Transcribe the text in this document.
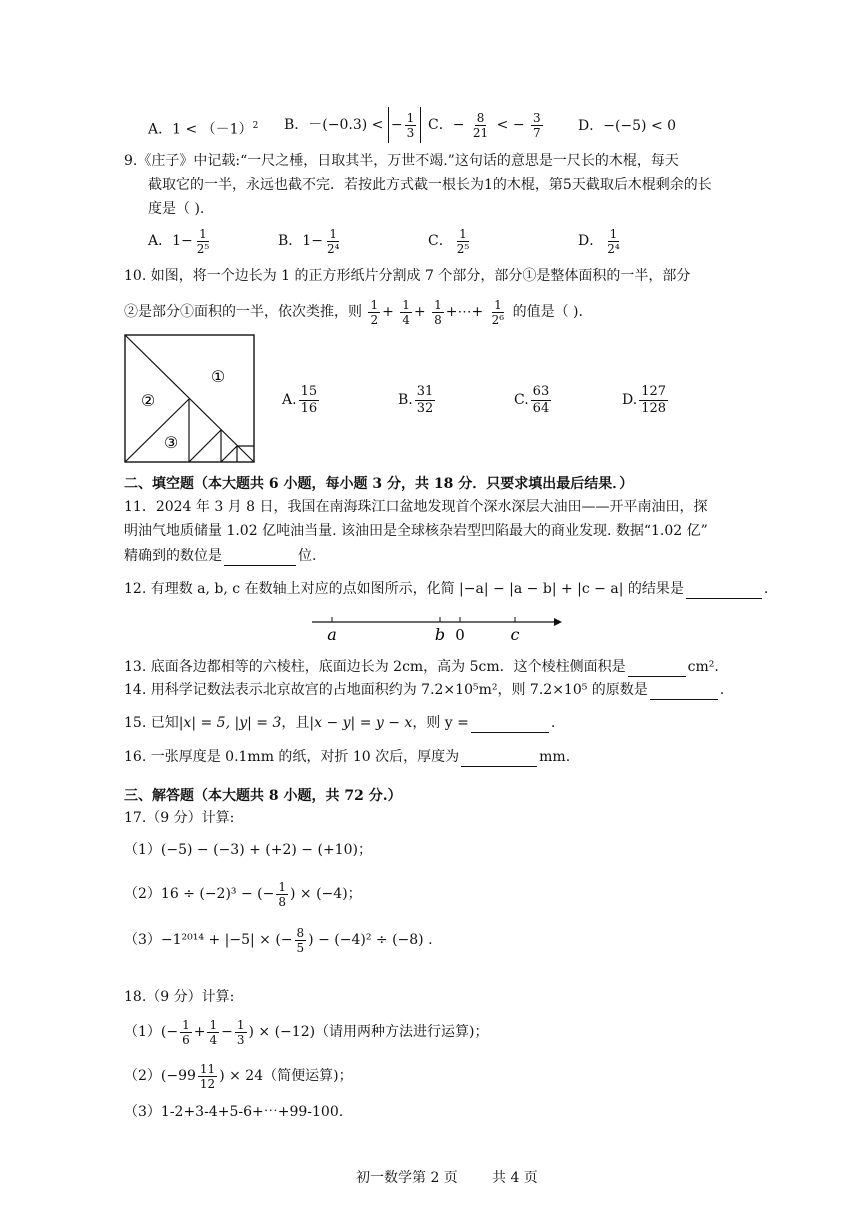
A．$1 < (-1)^2$ B．－(−0.3) < − $\frac{1}{3}$ C．− $\frac{8}{21}$ < − $\frac{3}{7}$	D．−(−5) < 0
9.《庄子》中记载:“一尺之棰，日取其半，万世不竭.”这句话的意思是一尺长的木棍，每天
截取它的一半，永远也截不完．若按此方式截一根长为1的木棍，第5天截取后木棍剩余的长
度是（ ).
A．$1- \frac{1}{\text{2⁵}}$	B．$1- \frac{1}{\text{2⁴}}$	C． $\frac{1}{\text{2⁵}}$	D． $\frac{1}{\text{2⁴}}$
10. 如图，将一个边长为 1 的正方形纸片分割成 7 个部分，部分①是整体面积的一半，部分
②是部分①面积的一半，依次类推，则 $\frac{1}{2} + \frac{1}{4} + \frac{1}{8}$ +⋯+ $\frac{1}{\text{2⁶}}$ 的值是（ ).
①
②
③
A. $\frac{15}{16}$	B. $\frac{31}{32}$	C. $\frac{63}{64}$	D. $\frac{127}{128}$
二、填空题（本大题共 6 小题，每小题 3 分，共 18 分．只要求填出最后结果．）
11．2024 年 3 月 8 日，我国在南海珠江口盆地发现首个深水深层大油田——开平南油田，探
明油气地质储量 1.02 亿吨油当量. 该油田是全球核杂岩型凹陷最大的商业发现. 数据“1.02 亿”
精确到的数位是	位.
12. 有理数 a, b, c 在数轴上对应的点如图所示，化简 |−a| − |a − b| + |c − a| 的结果是	.
a	b 0	c
13. 底面各边都相等的六棱柱，底面边长为 2cm，高为 5cm．这个棱柱侧面积是	cm².
14. 用科学记数法表示北京故宫的占地面积约为 7.2×10⁵m²，则 7.2×10⁵ 的原数是	.
15. 已知|x| = 5, |y| = 3，且|x − y| = y − x，则 y =	.
16. 一张厚度是 0.1mm 的纸，对折 10 次后，厚度为	mm.
三、解答题（本大题共 8 小题，共 72 分.）
17.（9 分）计算:
（1）(−5) − (−3) + (+2) − (+10)；
（2）16 ÷ (−2)³ − (− $\frac{1}{8}$ ) × (−4)；
（3）−1²⁰¹⁴ + |−5| × (− $\frac{8}{5}$ ) − (−4)² ÷ (−8) .
18.（9 分）计算:
$(1)(- \frac{1}{6} + \frac{1}{4} - \frac{1}{3}$ ) × (−12)（请用两种方法进行运算)；
$(2)(-99 \frac{11}{12}$ ) × 24（简便运算)；
（3）1-2+3-4+5-6+⋯+99-100.
初一数学第 2 页 共 4 页
